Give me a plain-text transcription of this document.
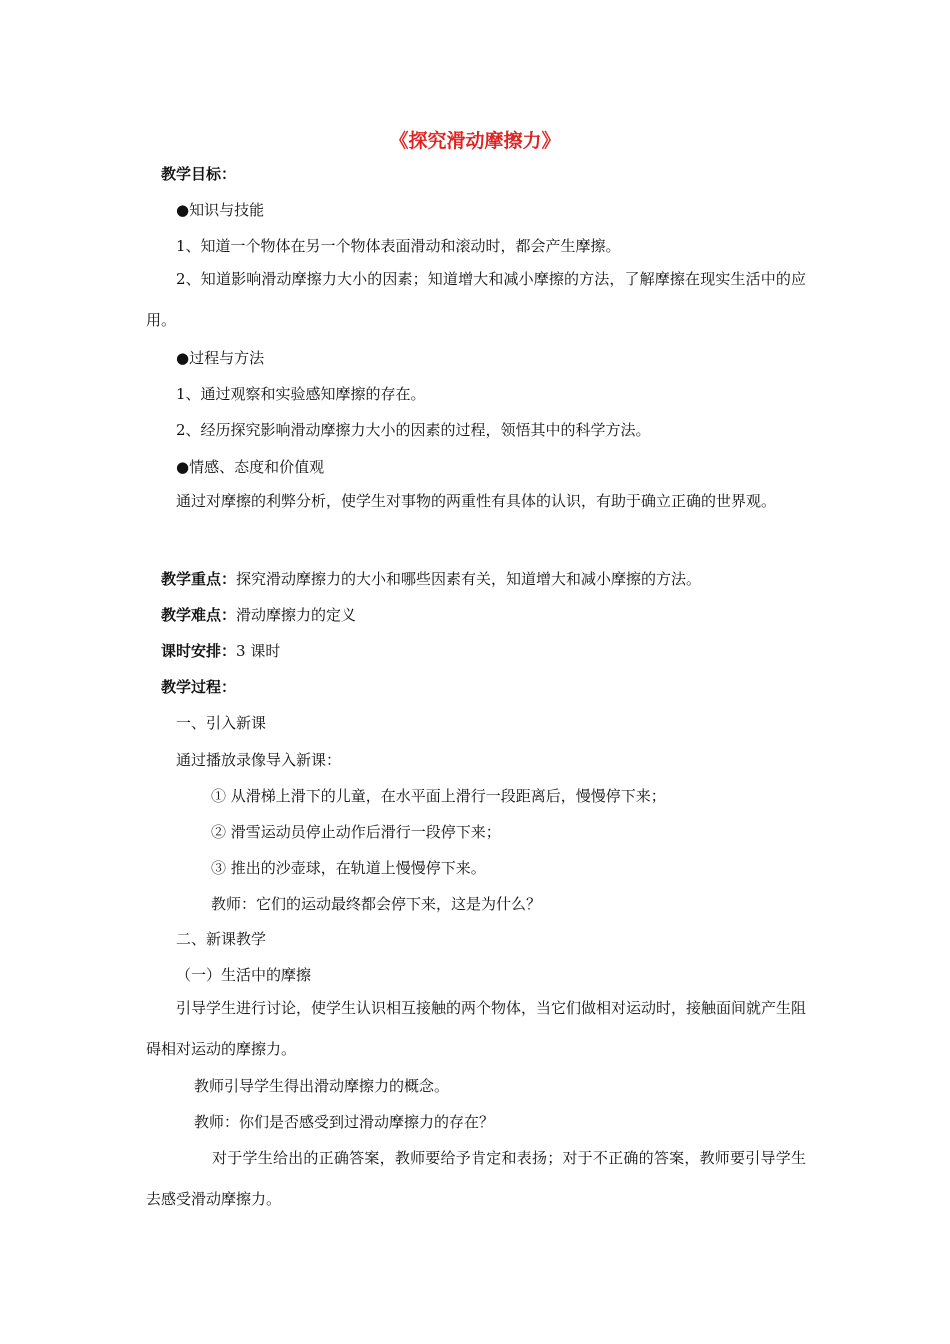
《探究滑动摩擦力》
教学目标：
●知识与技能
1、知道一个物体在另一个物体表面滑动和滚动时，都会产生摩擦。
2、知道影响滑动摩擦力大小的因素；知道增大和减小摩擦的方法，了解摩擦在现实生活中的应用。
●过程与方法
1、通过观察和实验感知摩擦的存在。
2、经历探究影响滑动摩擦力大小的因素的过程，领悟其中的科学方法。
●情感、态度和价值观
通过对摩擦的利弊分析，使学生对事物的两重性有具体的认识，有助于确立正确的世界观。
教学重点：探究滑动摩擦力的大小和哪些因素有关，知道增大和减小摩擦的方法。
教学难点：滑动摩擦力的定义
课时安排：3 课时
教学过程：
一、引入新课
通过播放录像导入新课：
① 从滑梯上滑下的儿童，在水平面上滑行一段距离后，慢慢停下来；
② 滑雪运动员停止动作后滑行一段停下来；
③ 推出的沙壶球，在轨道上慢慢停下来。
教师：它们的运动最终都会停下来，这是为什么？
二、新课教学
（一）生活中的摩擦
引导学生进行讨论，使学生认识相互接触的两个物体，当它们做相对运动时，接触面间就产生阻碍相对运动的摩擦力。
教师引导学生得出滑动摩擦力的概念。
教师：你们是否感受到过滑动摩擦力的存在？
对于学生给出的正确答案，教师要给予肯定和表扬；对于不正确的答案，教师要引导学生去感受滑动摩擦力。
